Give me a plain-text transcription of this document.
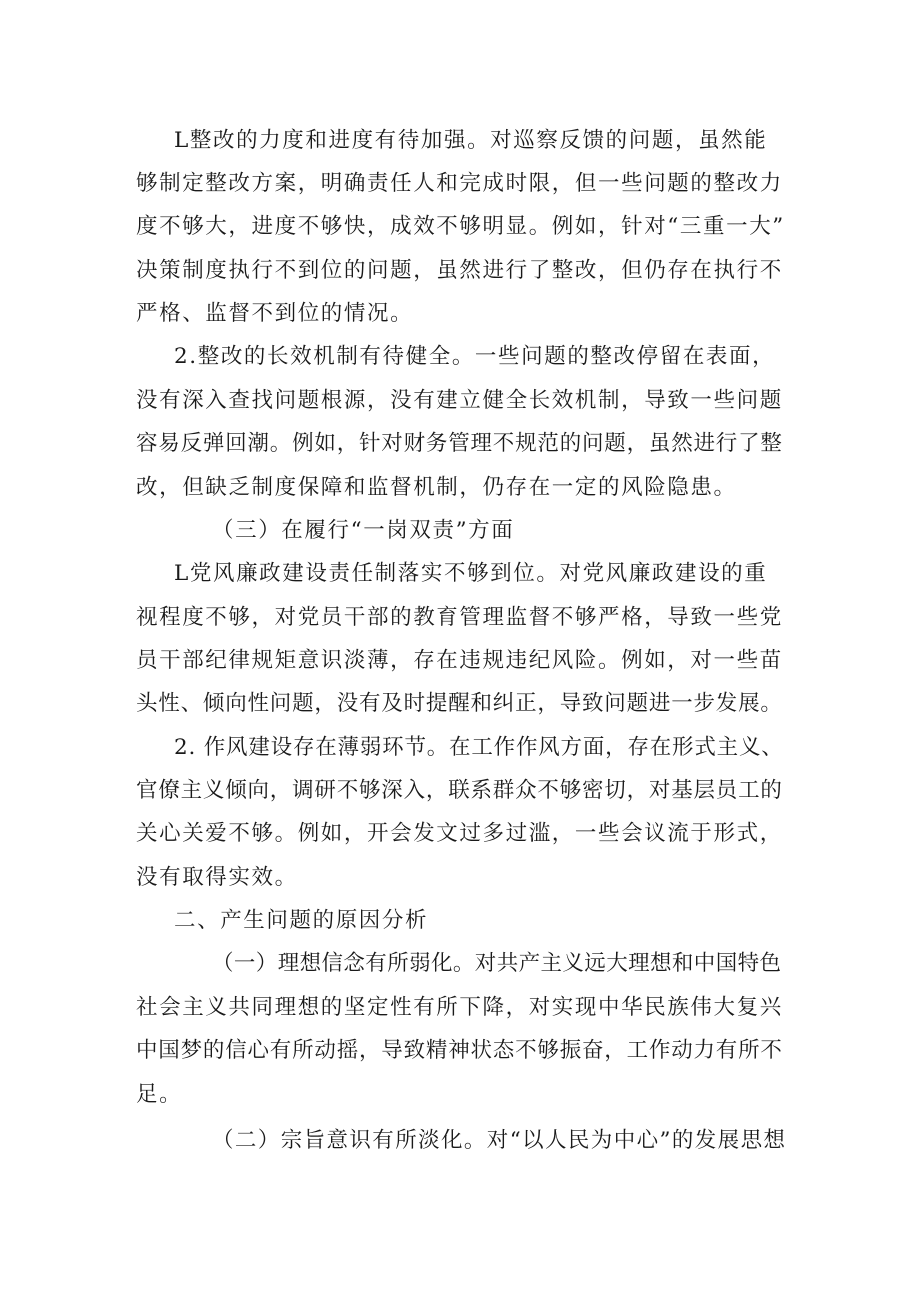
L整改的力度和进度有待加强。对巡察反馈的问题，虽然能
够制定整改方案，明确责任人和完成时限，但一些问题的整改力
度不够大，进度不够快，成效不够明显。例如，针对“三重一大”
决策制度执行不到位的问题，虽然进行了整改，但仍存在执行不
严格、监督不到位的情况。
2.整改的长效机制有待健全。一些问题的整改停留在表面，
没有深入查找问题根源，没有建立健全长效机制，导致一些问题
容易反弹回潮。例如，针对财务管理不规范的问题，虽然进行了整
改，但缺乏制度保障和监督机制，仍存在一定的风险隐患。
（三）在履行“一岗双责”方面
L党风廉政建设责任制落实不够到位。对党风廉政建设的重
视程度不够，对党员干部的教育管理监督不够严格，导致一些党
员干部纪律规矩意识淡薄，存在违规违纪风险。例如，对一些苗
头性、倾向性问题，没有及时提醒和纠正，导致问题进一步发展。
2. 作风建设存在薄弱环节。在工作作风方面，存在形式主义、
官僚主义倾向，调研不够深入，联系群众不够密切，对基层员工的
关心关爱不够。例如，开会发文过多过滥，一些会议流于形式，
没有取得实效。
二、产生问题的原因分析
（一）理想信念有所弱化。对共产主义远大理想和中国特色
社会主义共同理想的坚定性有所下降，对实现中华民族伟大复兴
中国梦的信心有所动摇，导致精神状态不够振奋，工作动力有所不
足。
（二）宗旨意识有所淡化。对“以人民为中心”的发展思想
